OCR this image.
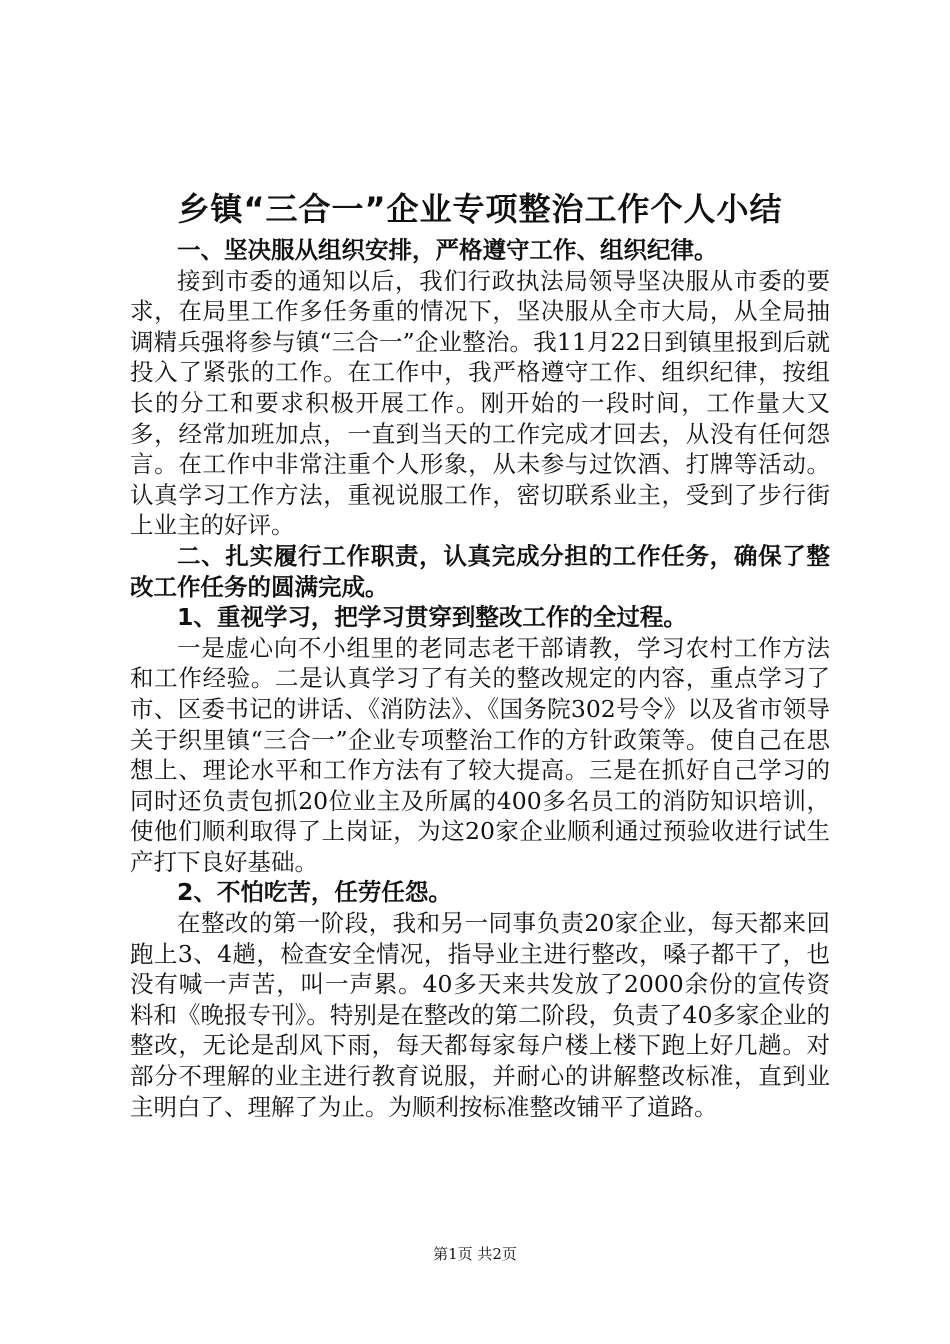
乡镇“三合一”企业专项整治工作个人小结

一、坚决服从组织安排，严格遵守工作、组织纪律。

接到市委的通知以后，我们行政执法局领导坚决服从市委的要求，在局里工作多任务重的情况下，坚决服从全市大局，从全局抽调精兵强将参与镇“三合一”企业整治。我11月22日到镇里报到后就投入了紧张的工作。在工作中，我严格遵守工作、组织纪律，按组长的分工和要求积极开展工作。刚开始的一段时间，工作量大又多，经常加班加点，一直到当天的工作完成才回去，从没有任何怨言。在工作中非常注重个人形象，从未参与过饮酒、打牌等活动。认真学习工作方法，重视说服工作，密切联系业主，受到了步行街上业主的好评。

二、扎实履行工作职责，认真完成分担的工作任务，确保了整改工作任务的圆满完成。

1、重视学习，把学习贯穿到整改工作的全过程。

一是虚心向不小组里的老同志老干部请教，学习农村工作方法和工作经验。二是认真学习了有关的整改规定的内容，重点学习了市、区委书记的讲话、《消防法》、《国务院302号令》以及省市领导关于织里镇“三合一”企业专项整治工作的方针政策等。使自己在思想上、理论水平和工作方法有了较大提高。三是在抓好自己学习的同时还负责包抓20位业主及所属的400多名员工的消防知识培训，使他们顺利取得了上岗证，为这20家企业顺利通过预验收进行试生产打下良好基础。

2、不怕吃苦，任劳任怨。

在整改的第一阶段，我和另一同事负责20家企业，每天都来回跑上3、4趟，检查安全情况，指导业主进行整改，嗓子都干了，也没有喊一声苦，叫一声累。40多天来共发放了2000余份的宣传资料和《晚报专刊》。特别是在整改的第二阶段，负责了40多家企业的整改，无论是刮风下雨，每天都每家每户楼上楼下跑上好几趟。对部分不理解的业主进行教育说服，并耐心的讲解整改标准，直到业主明白了、理解了为止。为顺利按标准整改铺平了道路。

第1页 共2页
